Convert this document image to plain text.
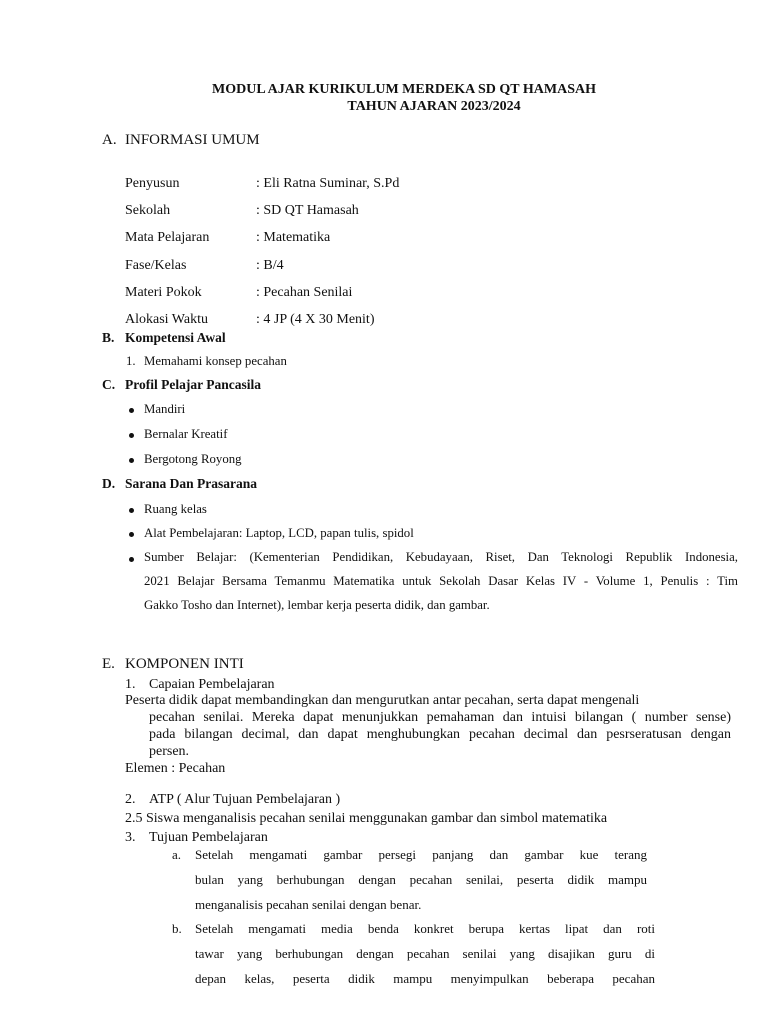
MODUL AJAR KURIKULUM MERDEKA SD QT HAMASAH
TAHUN AJARAN 2023/2024
A. INFORMASI UMUM
Penyusun	: Eli Ratna Suminar, S.Pd
Sekolah	: SD QT Hamasah
Mata Pelajaran	: Matematika
Fase/Kelas	: B/4
Materi Pokok	: Pecahan Senilai
Alokasi Waktu	: 4 JP (4 X 30 Menit)
B. Kompetensi Awal
1. Memahami konsep pecahan
C. Profil Pelajar Pancasila
Mandiri
Bernalar Kreatif
Bergotong Royong
D. Sarana Dan Prasarana
Ruang kelas
Alat Pembelajaran: Laptop, LCD, papan tulis, spidol
Sumber Belajar: (Kementerian Pendidikan, Kebudayaan, Riset, Dan Teknologi Republik Indonesia,
2021 Belajar Bersama Temanmu Matematika untuk Sekolah Dasar Kelas IV - Volume 1, Penulis : Tim
Gakko Tosho dan Internet), lembar kerja peserta didik, dan gambar.
E. KOMPONEN INTI
1. Capaian Pembelajaran
Peserta didik dapat membandingkan dan mengurutkan antar pecahan, serta dapat mengenali
pecahan senilai. Mereka dapat menunjukkan pemahaman dan intuisi bilangan ( number sense)
pada bilangan decimal, dan dapat menghubungkan pecahan decimal dan pesrseratusan dengan
persen.
Elemen : Pecahan
2. ATP ( Alur Tujuan Pembelajaran )
2.5 Siswa menganalisis pecahan senilai menggunakan gambar dan simbol matematika
3. Tujuan Pembelajaran
a. Setelah mengamati gambar persegi panjang dan gambar kue terang
bulan yang berhubungan dengan pecahan senilai, peserta didik mampu
menganalisis pecahan senilai dengan benar.
b. Setelah mengamati media benda konkret berupa kertas lipat dan roti
tawar yang berhubungan dengan pecahan senilai yang disajikan guru di
depan kelas, peserta didik mampu menyimpulkan beberapa pecahan
